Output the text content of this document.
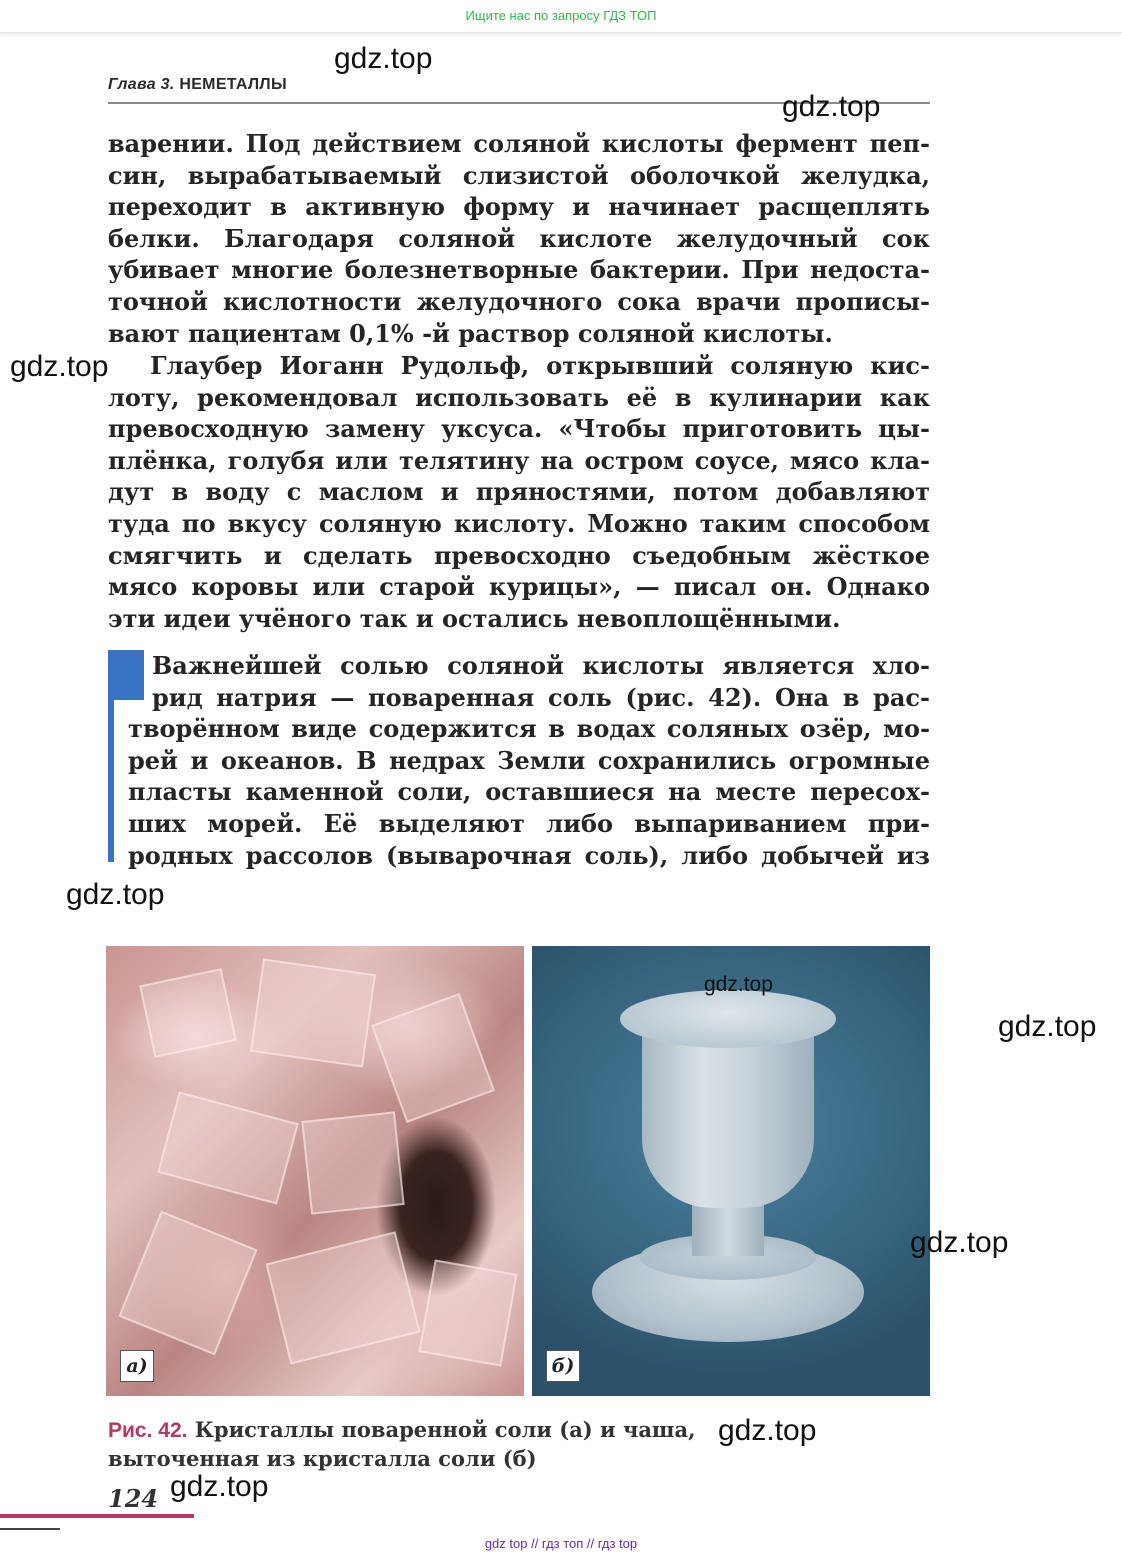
Ищите нас по запросу ГДЗ ТОП
Глава 3. НЕМЕТАЛЛЫ
варении. Под действием соляной кислоты фермент пеп-
син, вырабатываемый слизистой оболочкой желудка,
переходит в активную форму и начинает расщеплять
белки. Благодаря соляной кислоте желудочный сок
убивает многие болезнетворные бактерии. При недоста-
точной кислотности желудочного сока врачи прописы-
вают пациентам 0,1% -й раствор соляной кислоты.
Глаубер Иоганн Рудольф, открывший соляную кис-
лоту, рекомендовал использовать её в кулинарии как
превосходную замену уксуса. «Чтобы приготовить цы-
плёнка, голубя или телятину на остром соусе, мясо кла-
дут в воду с маслом и пряностями, потом добавляют
туда по вкусу соляную кислоту. Можно таким способом
смягчить и сделать превосходно съедобным жёсткое
мясо коровы или старой курицы», — писал он. Однако
эти идеи учёного так и остались невоплощёнными.
Важнейшей солью соляной кислоты является хло-
рид натрия — поваренная соль (рис. 42). Она в рас-
творённом виде содержится в водах соляных озёр, мо-
рей и океанов. В недрах Земли сохранились огромные
пласты каменной соли, оставшиеся на месте пересох-
ших морей. Её выделяют либо выпариванием при-
родных рассолов (выварочная соль), либо добычей из
а)	б)
Рис. 42. Кристаллы поваренной соли (а) и чаша,
выточенная из кристалла соли (б)
124
gdz.top
gdz.top
gdz.top
gdz.top
gdz.top
gdz.top
gdz.top
gdz.top
gdz.top
gdz top // гдз топ // гдз top
